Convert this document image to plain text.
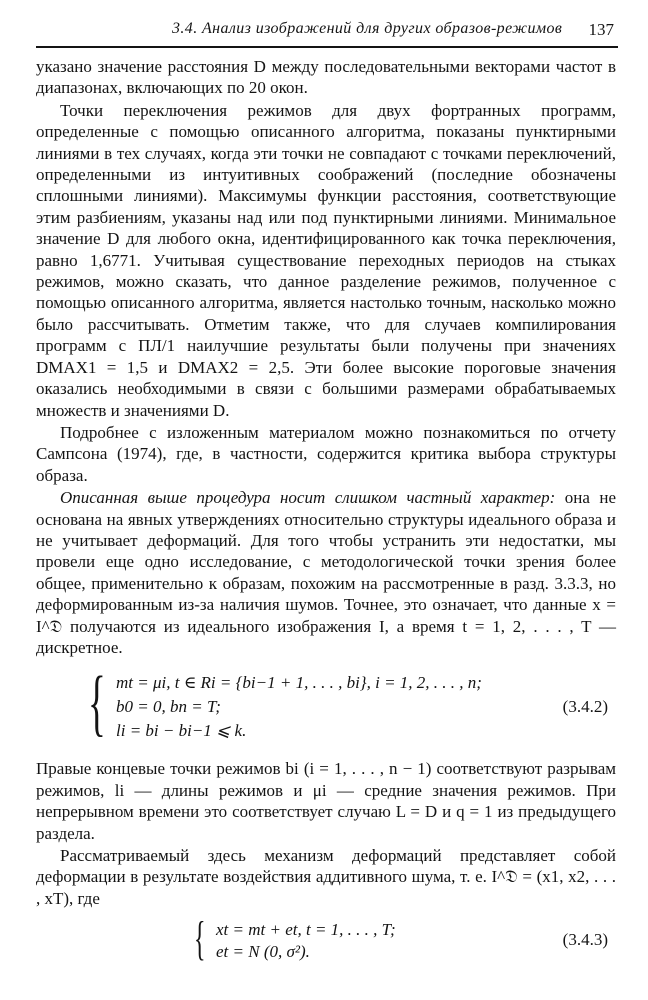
3.4. Анализ изображений для других образов-режимов 137

указано значение расстояния D между последовательными векторами частот в диапазонах, включающих по 20 окон.

Точки переключения режимов для двух фортранных программ, определенные с помощью описанного алгоритма, показаны пунктирными линиями в тех случаях, когда эти точки не совпадают с точками переключений, определенными из интуитивных соображений (последние обозначены сплошными линиями). Максимумы функции расстояния, соответствующие этим разбиениям, указаны над или под пунктирными линиями. Минимальное значение D для любого окна, идентифицированного как точка переключения, равно 1,6771. Учитывая существование переходных периодов на стыках режимов, можно сказать, что данное разделение режимов, полученное с помощью описанного алгоритма, является настолько точным, насколько можно было рассчитывать. Отметим также, что для случаев компилирования программ с ПЛ/1 наилучшие результаты были получены при значениях DMAX1 = 1,5 и DMAX2 = 2,5. Эти более высокие пороговые значения оказались необходимыми в связи с большими размерами обрабатываемых множеств и значениями D.

Подробнее с изложенным материалом можно познакомиться по отчету Сампсона (1974), где, в частности, содержится критика выбора структуры образа.

Описанная выше процедура носит слишком частный характер: она не основана на явных утверждениях относительно структуры идеального образа и не учитывает деформаций. Для того чтобы устранить эти недостатки, мы провели еще одно исследование, с методологической точки зрения более общее, применительно к образам, похожим на рассмотренные в разд. 3.3.3, но деформированным из-за наличия шумов. Точнее, это означает, что данные x = I^𝔇 получаются из идеального изображения I, а время t = 1, 2, . . . , T — дискретное.

{ mt = μi, t ∈ Ri = {bi−1 + 1, . . . , bi}, i = 1, 2, . . . , n;
b0 = 0, bn = T;
li = bi − bi−1 ⩽ k.
(3.4.2)

Правые концевые точки режимов bi (i = 1, . . . , n − 1) соответствуют разрывам режимов, li — длины режимов и μi — средние значения режимов. При непрерывном времени это соответствует случаю L = D и q = 1 из предыдущего раздела.

Рассматриваемый здесь механизм деформаций представляет собой деформации в результате воздействия аддитивного шума, т. е. I^𝔇 = (x1, x2, . . . , xT), где

{ xt = mt + et, t = 1, . . . , T;
et = N (0, σ²).
(3.4.3)
